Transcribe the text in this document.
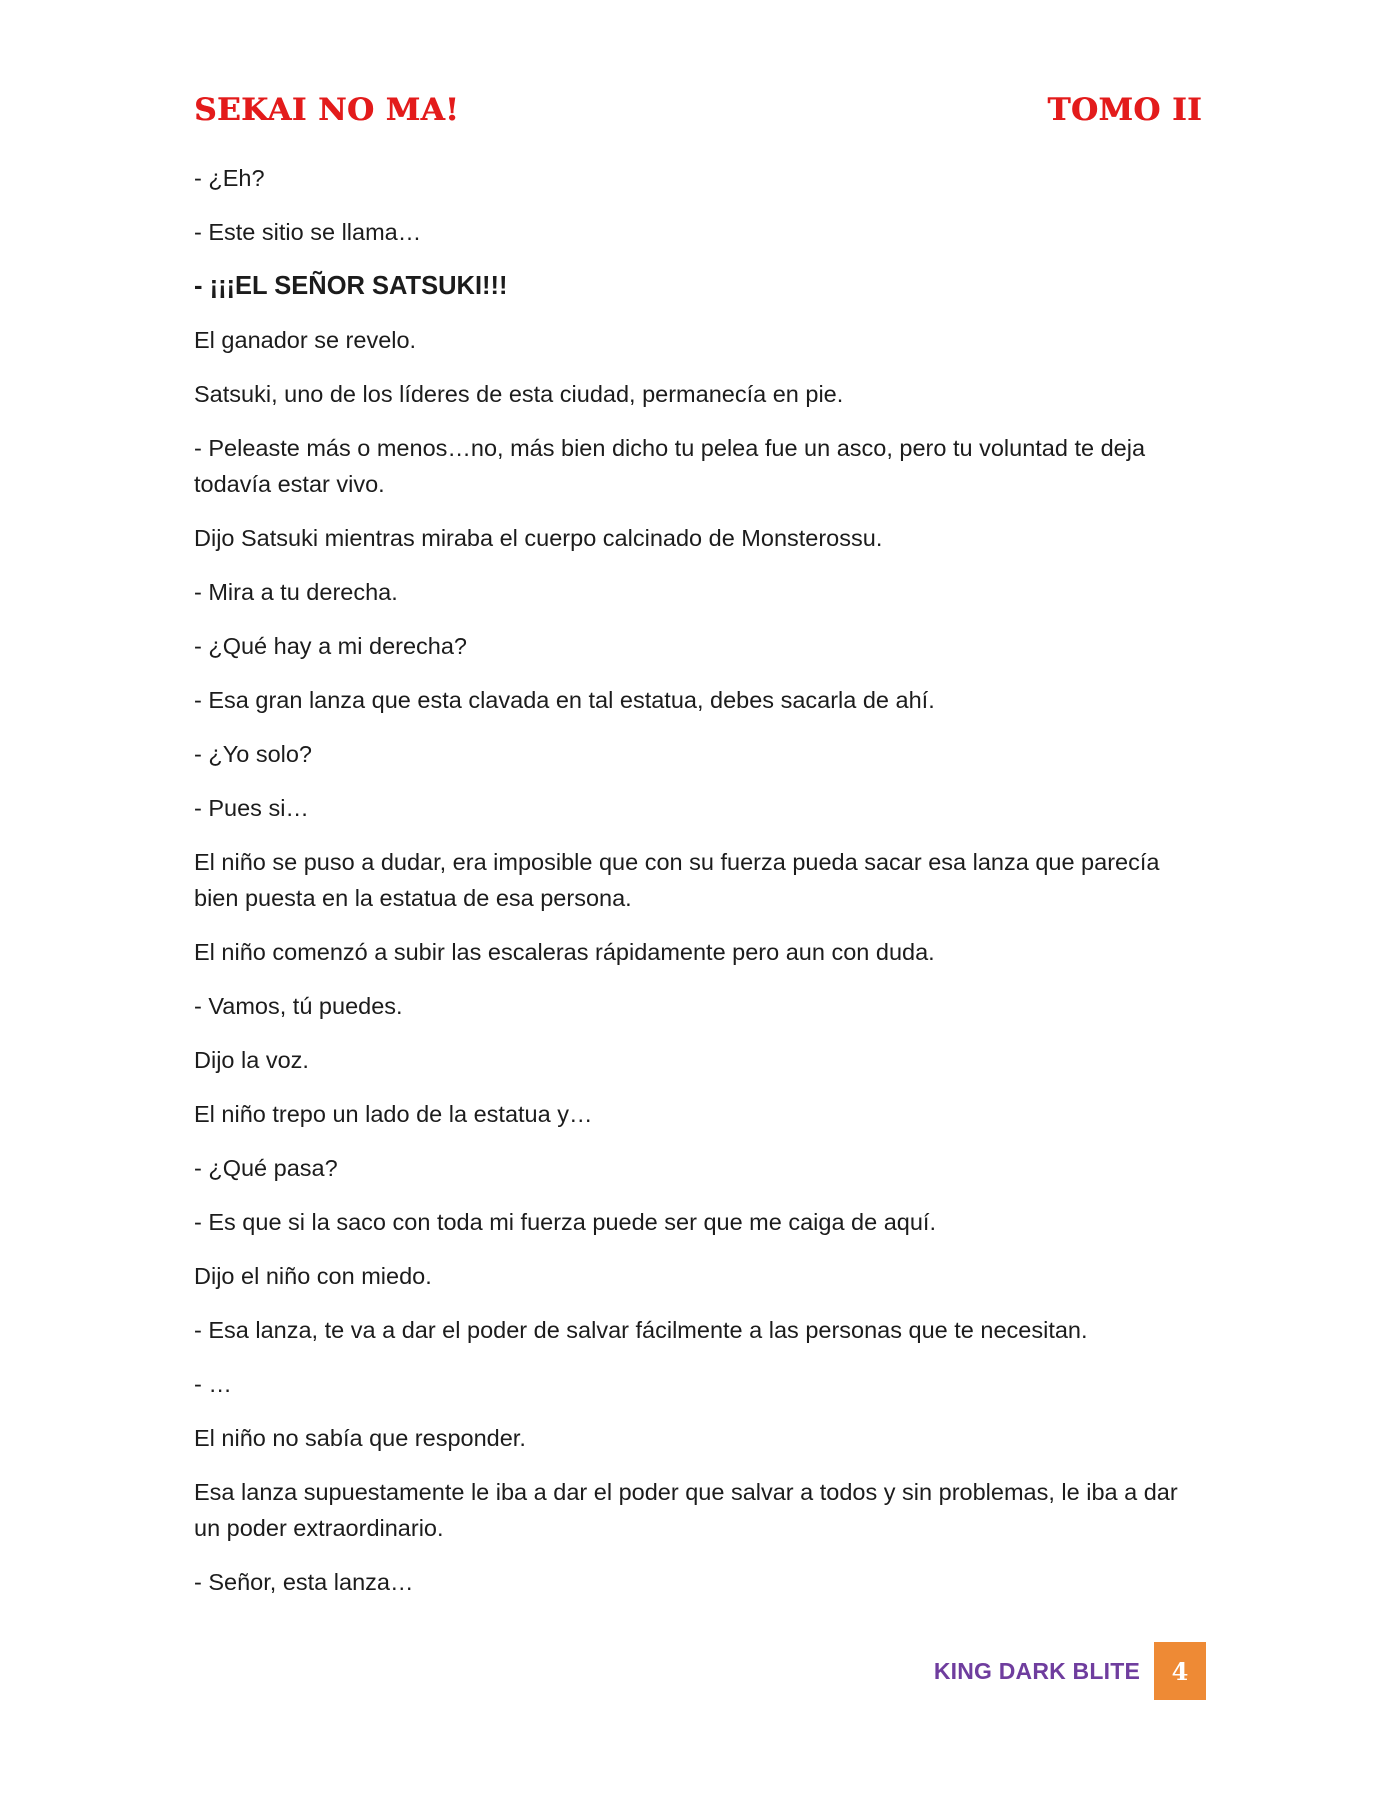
SEKAI NO MA!	TOMO II

- ¿Eh?

- Este sitio se llama…

- ¡¡¡EL SEÑOR SATSUKI!!!

El ganador se revelo.

Satsuki, uno de los líderes de esta ciudad, permanecía en pie.

- Peleaste más o menos…no, más bien dicho tu pelea fue un asco, pero tu voluntad te deja todavía estar vivo.

Dijo Satsuki mientras miraba el cuerpo calcinado de Monsterossu.

- Mira a tu derecha.

- ¿Qué hay a mi derecha?

- Esa gran lanza que esta clavada en tal estatua, debes sacarla de ahí.

- ¿Yo solo?

- Pues si…

El niño se puso a dudar, era imposible que con su fuerza pueda sacar esa lanza que parecía bien puesta en la estatua de esa persona.

El niño comenzó a subir las escaleras rápidamente pero aun con duda.

- Vamos, tú puedes.

Dijo la voz.

El niño trepo un lado de la estatua y…

- ¿Qué pasa?

- Es que si la saco con toda mi fuerza puede ser que me caiga de aquí.

Dijo el niño con miedo.

- Esa lanza, te va a dar el poder de salvar fácilmente a las personas que te necesitan.

- …

El niño no sabía que responder.

Esa lanza supuestamente le iba a dar el poder que salvar a todos y sin problemas, le iba a dar un poder extraordinario.

- Señor, esta lanza…

KING DARK BLITE	4
